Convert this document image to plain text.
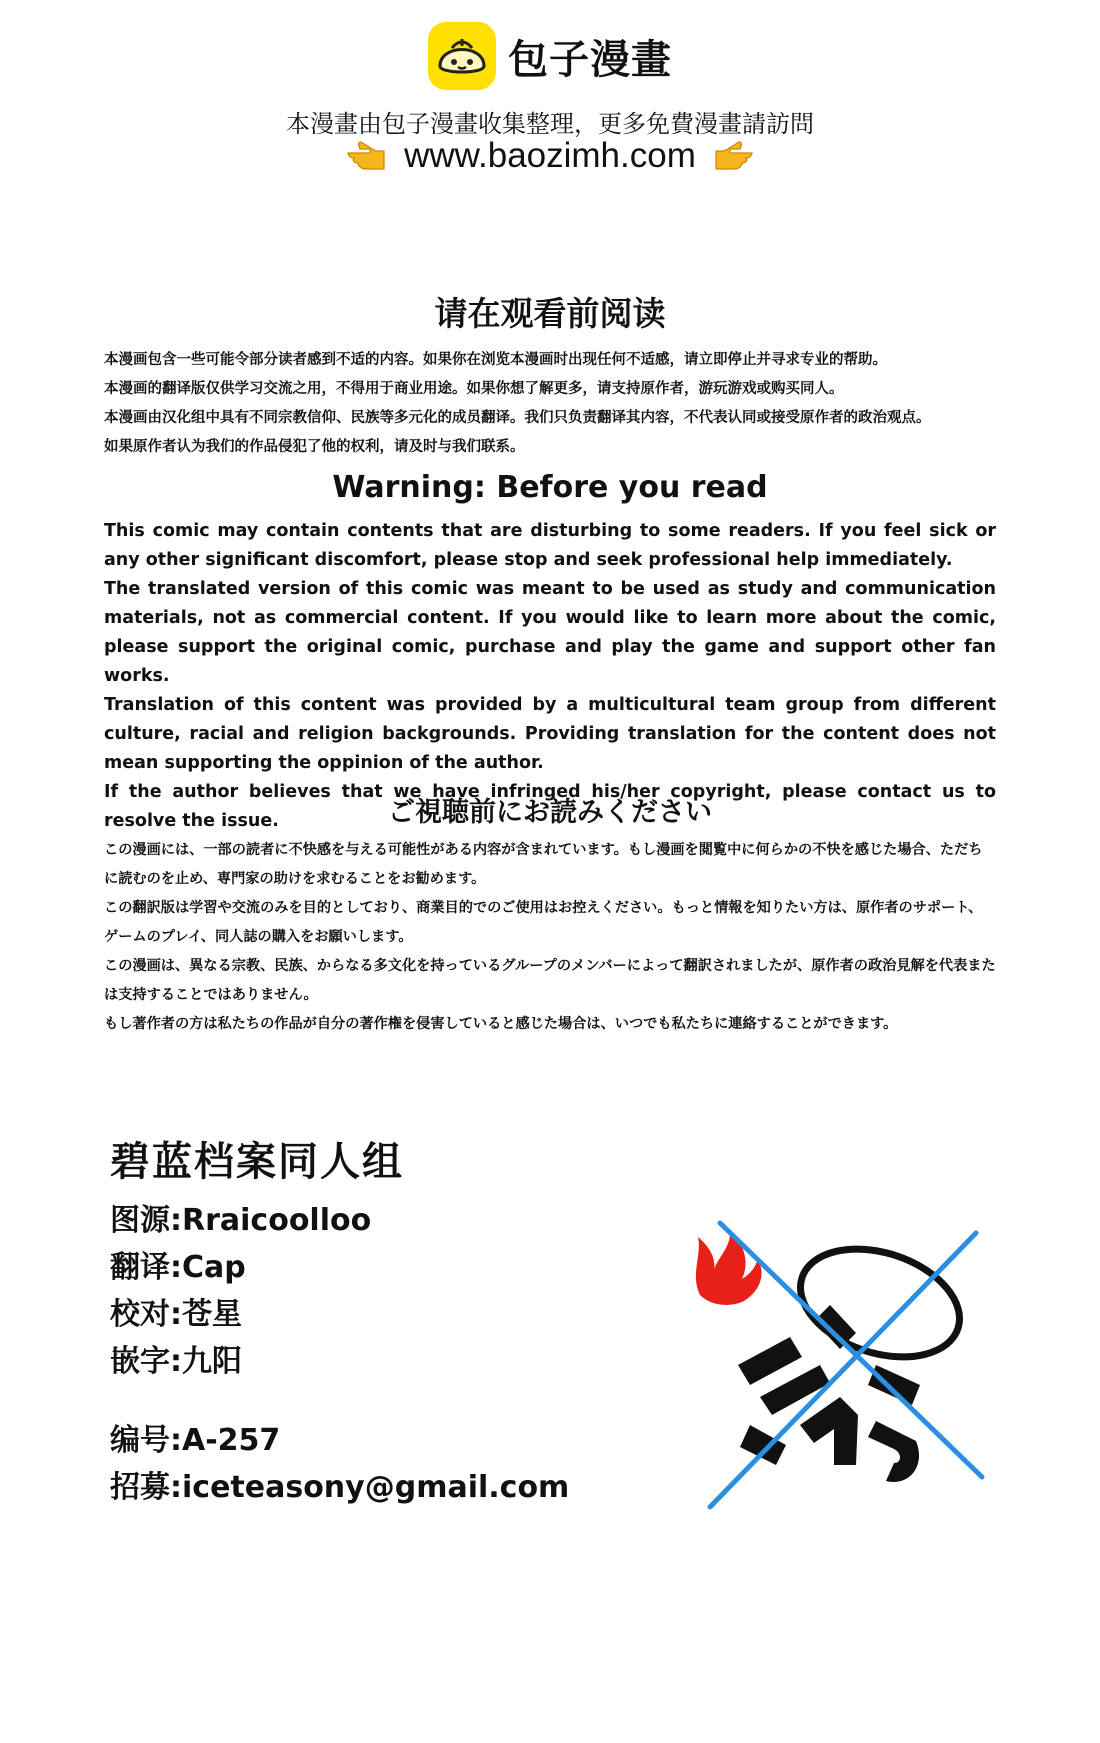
包子漫畫
本漫畫由包子漫畫收集整理，更多免費漫畫請訪問
www.baozimh.com
请在观看前阅读
本漫画包含一些可能令部分读者感到不适的内容。如果你在浏览本漫画时出现任何不适感，请立即停止并寻求专业的帮助。
本漫画的翻译版仅供学习交流之用，不得用于商业用途。如果你想了解更多，请支持原作者，游玩游戏或购买同人。
本漫画由汉化组中具有不同宗教信仰、民族等多元化的成员翻译。我们只负责翻译其内容，不代表认同或接受原作者的政治观点。
如果原作者认为我们的作品侵犯了他的权利，请及时与我们联系。
Warning: Before you read

This comic may contain contents that are disturbing to some readers. If you feel sick or any other significant discomfort, please stop and seek professional help immediately.

The translated version of this comic was meant to be used as study and communication materials, not as commercial content. If you would like to learn more about the comic, please support the original comic, purchase and play the game and support other fan works.

Translation of this content was provided by a multicultural team group from different culture, racial and religion backgrounds. Providing translation for the content does not mean supporting the oppinion of the author.

If the author believes that we have infringed his/her copyright, please contact us to resolve the issue.	ご視聴前にお読みください

この漫画には、一部の読者に不快感を与える可能性がある内容が含まれています。もし漫画を閲覧中に何らかの不快を感じた場合、ただちに読むのを止め、専門家の助けを求むることをお勧めます。

この翻訳版は学習や交流のみを目的としており、商業目的でのご使用はお控えください。もっと情報を知りたい方は、原作者のサポート、ゲームのプレイ、同人誌の購入をお願いします。

この漫画は、異なる宗教、民族、からなる多文化を持っているグループのメンバーによって翻訳されましたが、原作者の政治見解を代表または支持することではありません。

もし著作者の方は私たちの作品が自分の著作権を侵害していると感じた場合は、いつでも私たちに連絡することができます。

碧蓝档案同人组
图源:Rraicoolloo
翻译:Cap
校对:苍星
嵌字:九阳
编号:A-257
招募:iceteasony@gmail.com
